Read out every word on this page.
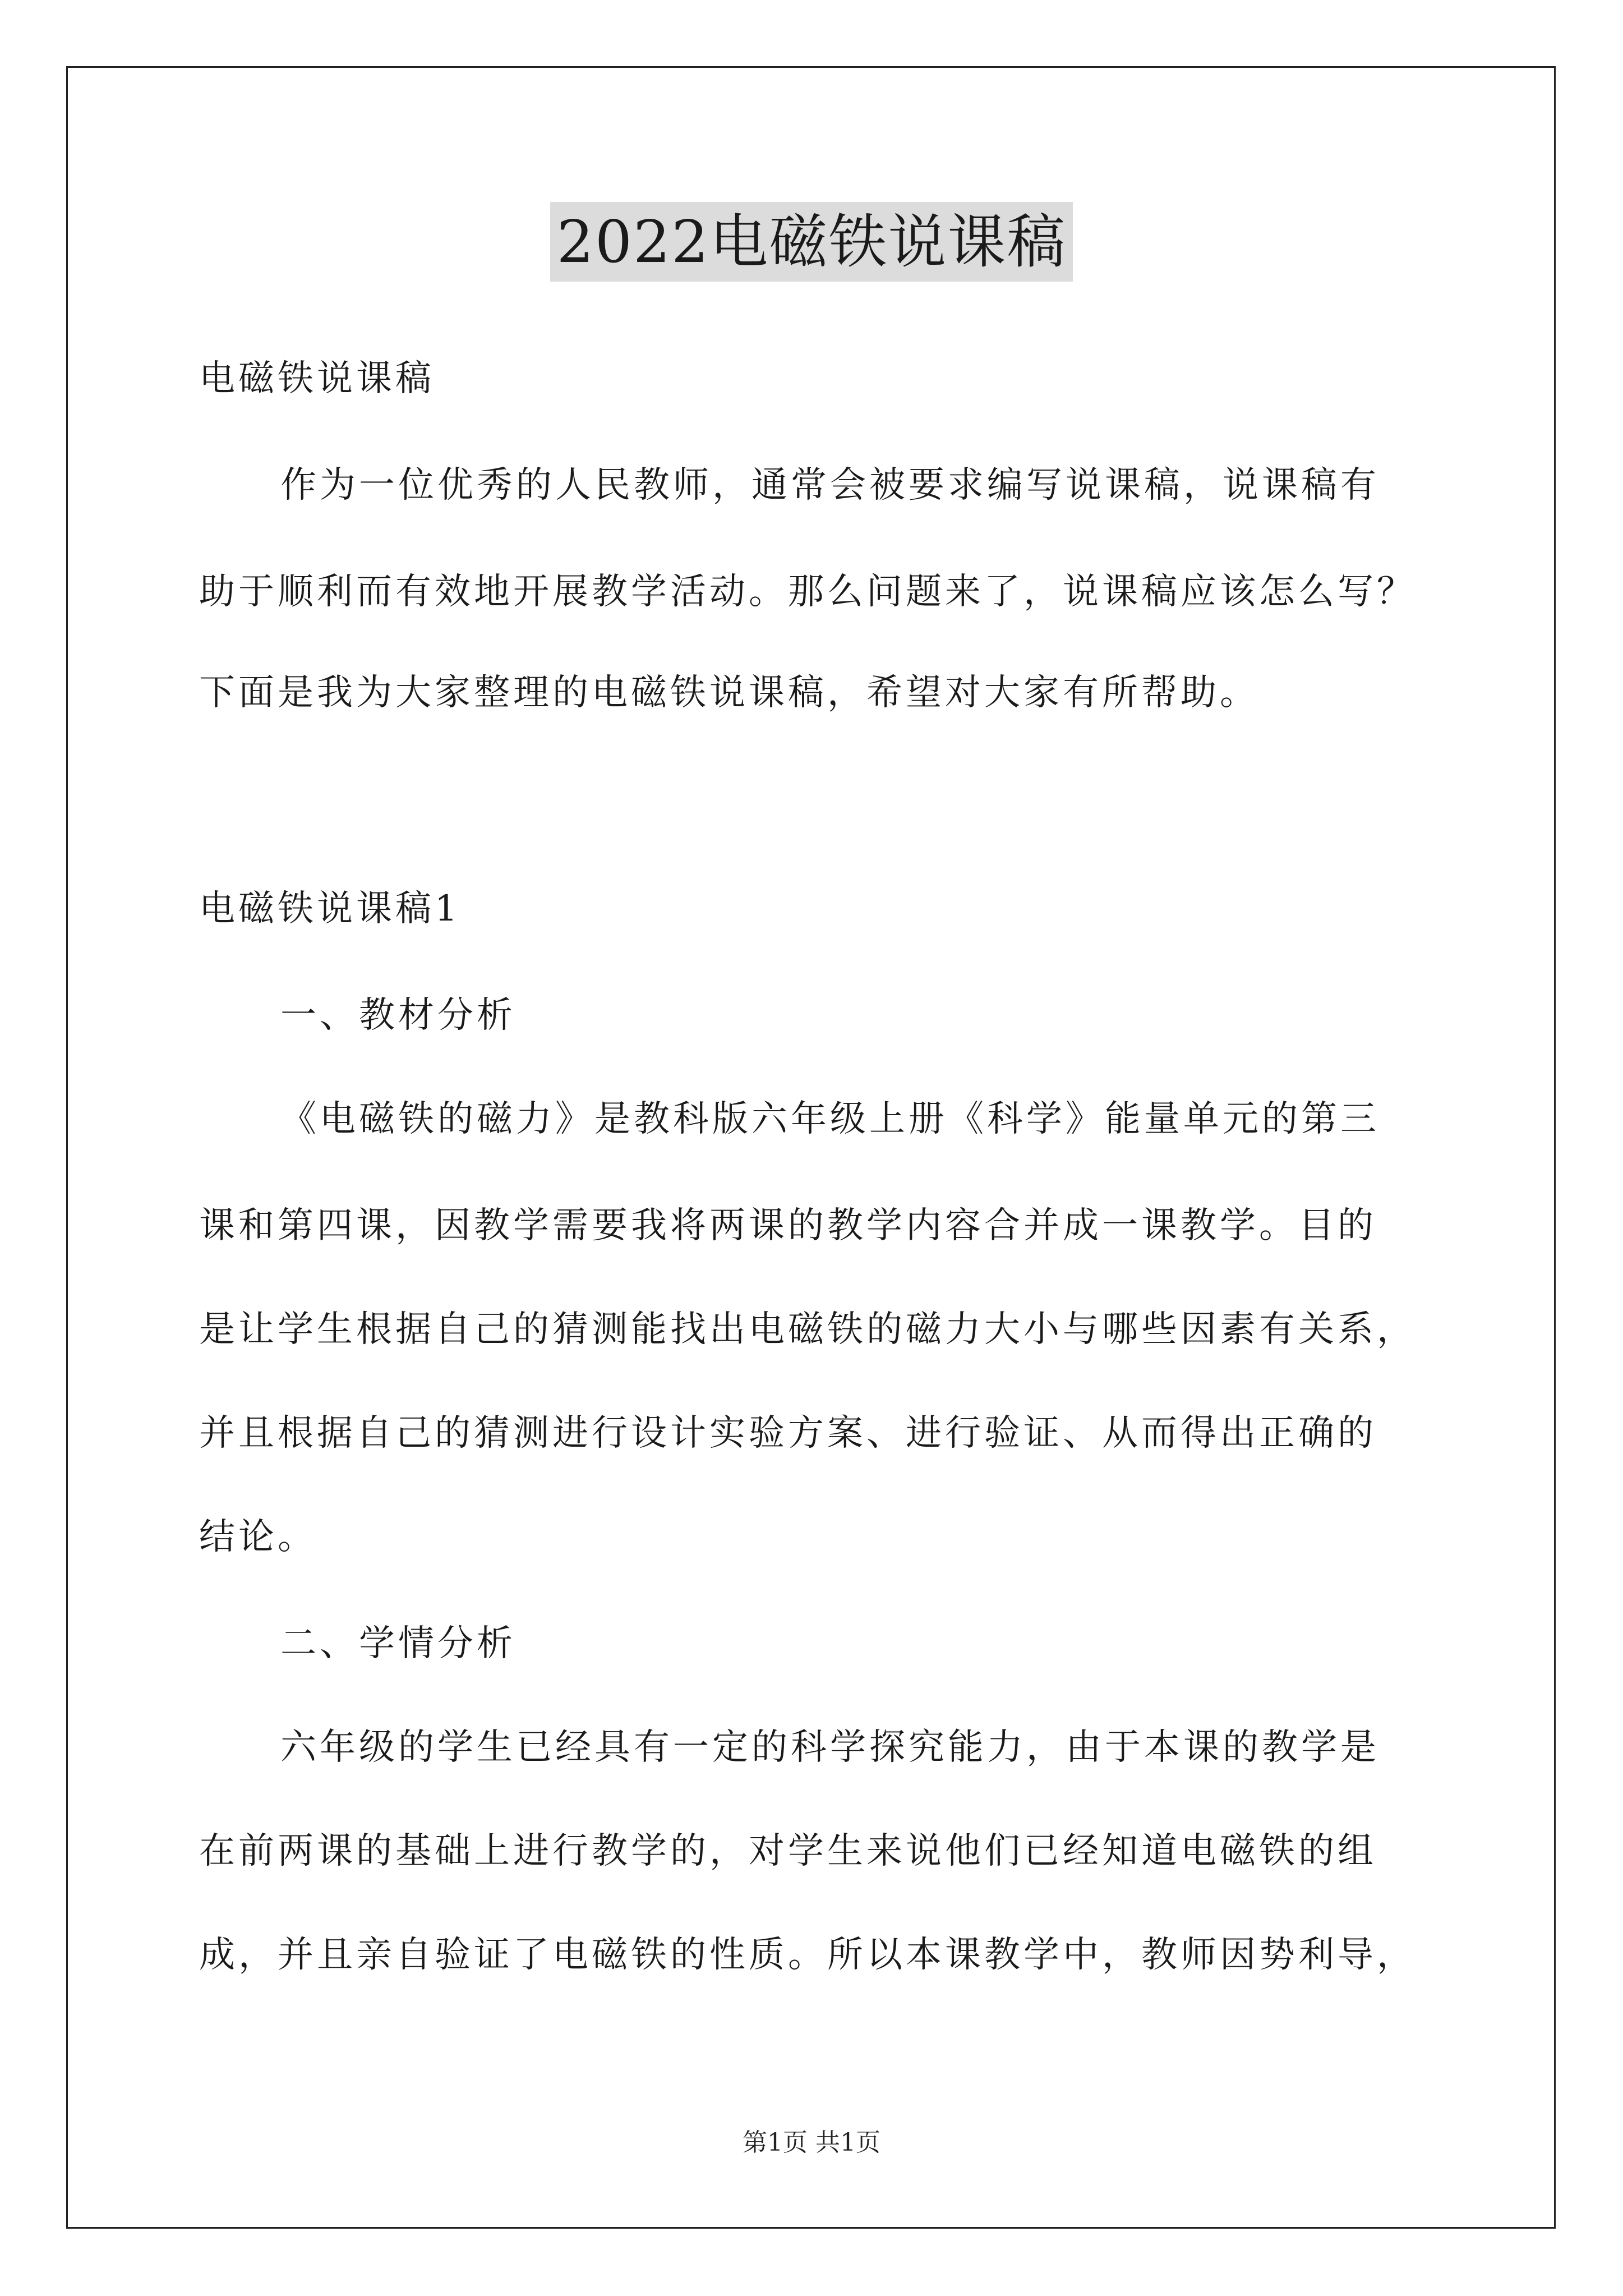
2022电磁铁说课稿

电磁铁说课稿

作为一位优秀的人民教师，通常会被要求编写说课稿，说课稿有

助于顺利而有效地开展教学活动。那么问题来了，说课稿应该怎么写？

下面是我为大家整理的电磁铁说课稿，希望对大家有所帮助。

电磁铁说课稿1

一、教材分析

《电磁铁的磁力》是教科版六年级上册《科学》能量单元的第三

课和第四课，因教学需要我将两课的教学内容合并成一课教学。目的

是让学生根据自己的猜测能找出电磁铁的磁力大小与哪些因素有关系，

并且根据自己的猜测进行设计实验方案、进行验证、从而得出正确的

结论。

二、学情分析

六年级的学生已经具有一定的科学探究能力，由于本课的教学是

在前两课的基础上进行教学的，对学生来说他们已经知道电磁铁的组

成，并且亲自验证了电磁铁的性质。所以本课教学中，教师因势利导，

第1页 共1页
